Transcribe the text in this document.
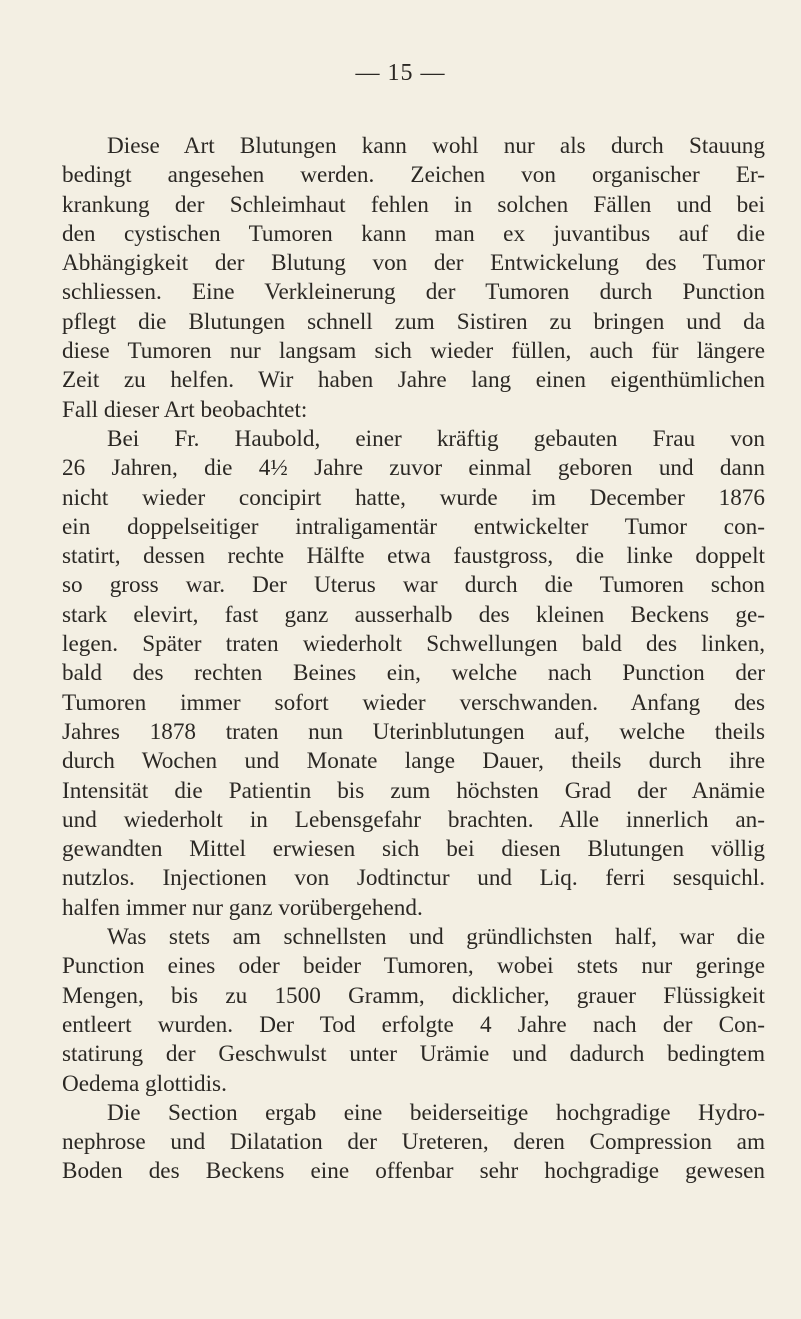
— 15 —
Diese Art Blutungen kann wohl nur als durch Stauung
bedingt angesehen werden. Zeichen von organischer Er-
krankung der Schleimhaut fehlen in solchen Fällen und bei
den cystischen Tumoren kann man ex juvantibus auf die
Abhängigkeit der Blutung von der Entwickelung des Tumor
schliessen. Eine Verkleinerung der Tumoren durch Punction
pflegt die Blutungen schnell zum Sistiren zu bringen und da
diese Tumoren nur langsam sich wieder füllen, auch für längere
Zeit zu helfen. Wir haben Jahre lang einen eigenthümlichen
Fall dieser Art beobachtet:
Bei Fr. Haubold, einer kräftig gebauten Frau von
26 Jahren, die 4½ Jahre zuvor einmal geboren und dann
nicht wieder concipirt hatte, wurde im December 1876
ein doppelseitiger intraligamentär entwickelter Tumor con-
statirt, dessen rechte Hälfte etwa faustgross, die linke doppelt
so gross war. Der Uterus war durch die Tumoren schon
stark elevirt, fast ganz ausserhalb des kleinen Beckens ge-
legen. Später traten wiederholt Schwellungen bald des linken,
bald des rechten Beines ein, welche nach Punction der
Tumoren immer sofort wieder verschwanden. Anfang des
Jahres 1878 traten nun Uterinblutungen auf, welche theils
durch Wochen und Monate lange Dauer, theils durch ihre
Intensität die Patientin bis zum höchsten Grad der Anämie
und wiederholt in Lebensgefahr brachten. Alle innerlich an-
gewandten Mittel erwiesen sich bei diesen Blutungen völlig
nutzlos. Injectionen von Jodtinctur und Liq. ferri sesquichl.
halfen immer nur ganz vorübergehend.
Was stets am schnellsten und gründlichsten half, war die
Punction eines oder beider Tumoren, wobei stets nur geringe
Mengen, bis zu 1500 Gramm, dicklicher, grauer Flüssigkeit
entleert wurden. Der Tod erfolgte 4 Jahre nach der Con-
statirung der Geschwulst unter Urämie und dadurch bedingtem
Oedema glottidis.
Die Section ergab eine beiderseitige hochgradige Hydro-
nephrose und Dilatation der Ureteren, deren Compression am
Boden des Beckens eine offenbar sehr hochgradige gewesen
